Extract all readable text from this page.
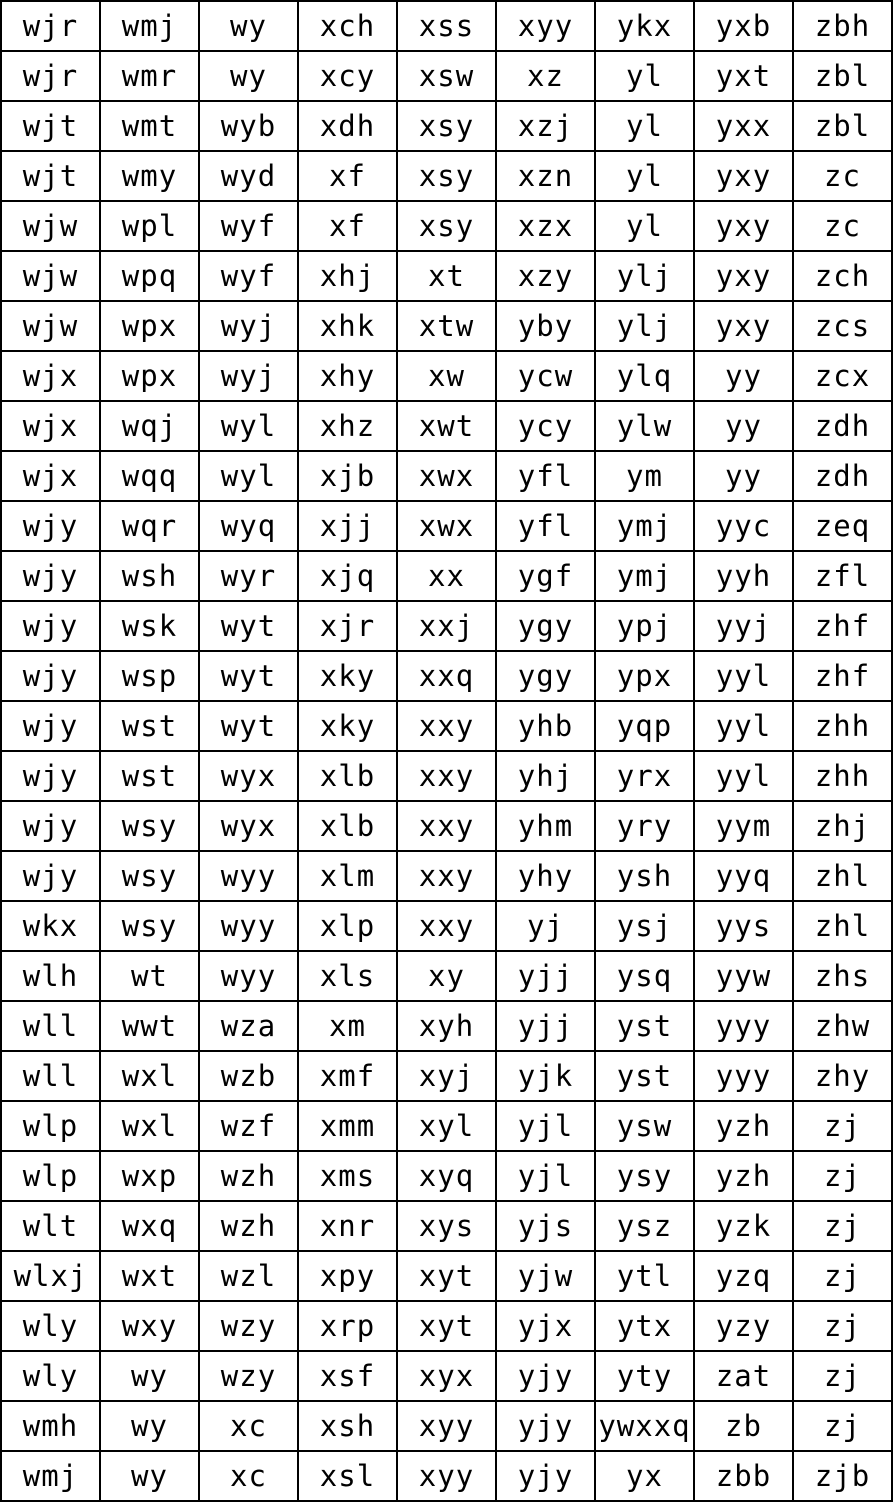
wjr	wmj	wy	xch	xss	xyy	ykx	yxb	zbh
wjr	wmr	wy	xcy	xsw	xz	yl	yxt	zbl
wjt	wmt	wyb	xdh	xsy	xzj	yl	yxx	zbl
wjt	wmy	wyd	xf	xsy	xzn	yl	yxy	zc
wjw	wpl	wyf	xf	xsy	xzx	yl	yxy	zc
wjw	wpq	wyf	xhj	xt	xzy	ylj	yxy	zch
wjw	wpx	wyj	xhk	xtw	yby	ylj	yxy	zcs
wjx	wpx	wyj	xhy	xw	ycw	ylq	yy	zcx
wjx	wqj	wyl	xhz	xwt	ycy	ylw	yy	zdh
wjx	wqq	wyl	xjb	xwx	yfl	ym	yy	zdh
wjy	wqr	wyq	xjj	xwx	yfl	ymj	yyc	zeq
wjy	wsh	wyr	xjq	xx	ygf	ymj	yyh	zfl
wjy	wsk	wyt	xjr	xxj	ygy	ypj	yyj	zhf
wjy	wsp	wyt	xky	xxq	ygy	ypx	yyl	zhf
wjy	wst	wyt	xky	xxy	yhb	yqp	yyl	zhh
wjy	wst	wyx	xlb	xxy	yhj	yrx	yyl	zhh
wjy	wsy	wyx	xlb	xxy	yhm	yry	yym	zhj
wjy	wsy	wyy	xlm	xxy	yhy	ysh	yyq	zhl
wkx	wsy	wyy	xlp	xxy	yj	ysj	yys	zhl
wlh	wt	wyy	xls	xy	yjj	ysq	yyw	zhs
wll	wwt	wza	xm	xyh	yjj	yst	yyy	zhw
wll	wxl	wzb	xmf	xyj	yjk	yst	yyy	zhy
wlp	wxl	wzf	xmm	xyl	yjl	ysw	yzh	zj
wlp	wxp	wzh	xms	xyq	yjl	ysy	yzh	zj
wlt	wxq	wzh	xnr	xys	yjs	ysz	yzk	zj
wlxj	wxt	wzl	xpy	xyt	yjw	ytl	yzq	zj
wly	wxy	wzy	xrp	xyt	yjx	ytx	yzy	zj
wly	wy	wzy	xsf	xyx	yjy	yty	zat	zj
wmh	wy	xc	xsh	xyy	yjy	ywxxq	zb	zj
wmj	wy	xc	xsl	xyy	yjy	yx	zbb	zjb
